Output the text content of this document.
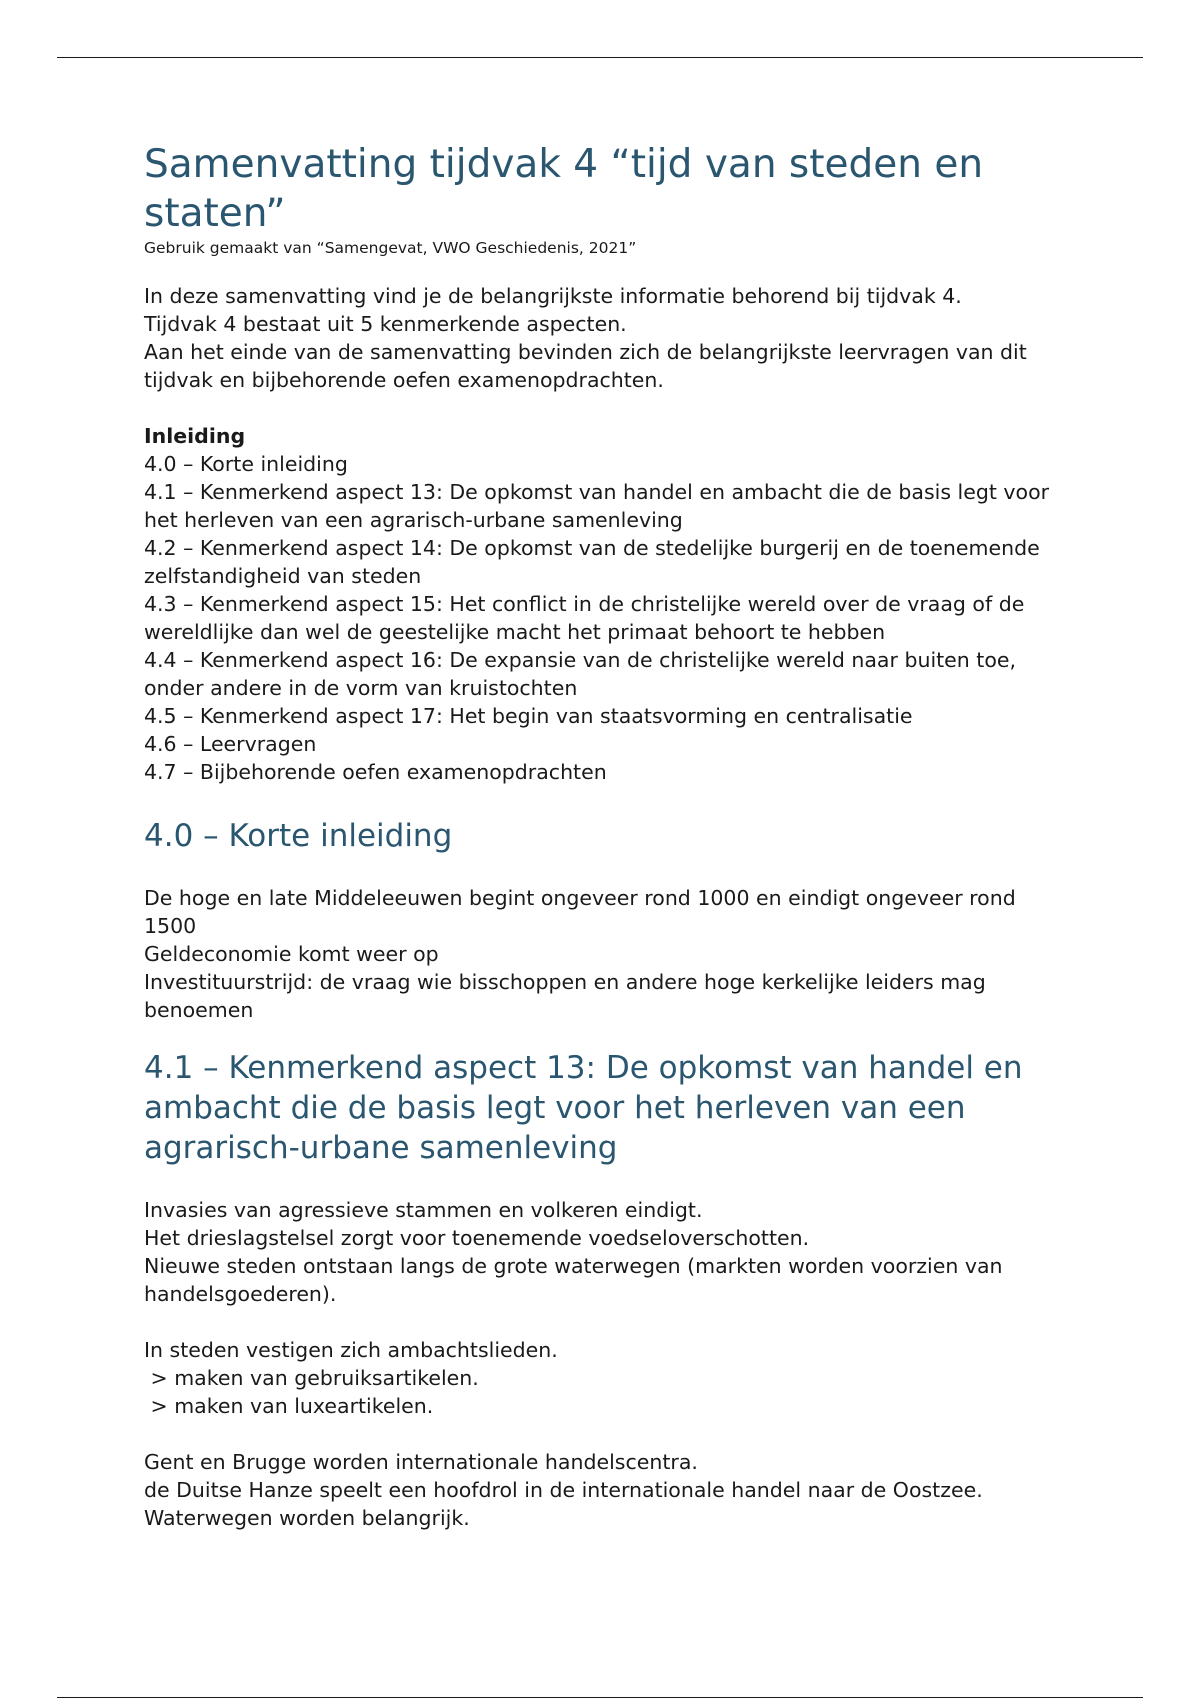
Samenvatting tijdvak 4 “tijd van steden en staten”
Gebruik gemaakt van “Samengevat, VWO Geschiedenis, 2021”
In deze samenvatting vind je de belangrijkste informatie behorend bij tijdvak 4.
Tijdvak 4 bestaat uit 5 kenmerkende aspecten.
Aan het einde van de samenvatting bevinden zich de belangrijkste leervragen van dit tijdvak en bijbehorende oefen examenopdrachten.
Inleiding
4.0 – Korte inleiding
4.1 – Kenmerkend aspect 13: De opkomst van handel en ambacht die de basis legt voor het herleven van een agrarisch-urbane samenleving
4.2 – Kenmerkend aspect 14: De opkomst van de stedelijke burgerij en de toenemende zelfstandigheid van steden
4.3 – Kenmerkend aspect 15: Het conflict in de christelijke wereld over de vraag of de wereldlijke dan wel de geestelijke macht het primaat behoort te hebben
4.4 – Kenmerkend aspect 16: De expansie van de christelijke wereld naar buiten toe, onder andere in de vorm van kruistochten
4.5 – Kenmerkend aspect 17: Het begin van staatsvorming en centralisatie
4.6 – Leervragen
4.7 – Bijbehorende oefen examenopdrachten
4.0 – Korte inleiding
De hoge en late Middeleeuwen begint ongeveer rond 1000 en eindigt ongeveer rond 1500
Geldeconomie komt weer op
Investituurstrijd: de vraag wie bisschoppen en andere hoge kerkelijke leiders mag benoemen
4.1 – Kenmerkend aspect 13: De opkomst van handel en ambacht die de basis legt voor het herleven van een agrarisch-urbane samenleving
Invasies van agressieve stammen en volkeren eindigt.
Het drieslagstelsel zorgt voor toenemende voedseloverschotten.
Nieuwe steden ontstaan langs de grote waterwegen (markten worden voorzien van handelsgoederen).
In steden vestigen zich ambachtslieden.
> maken van gebruiksartikelen.
> maken van luxeartikelen.
Gent en Brugge worden internationale handelscentra.
de Duitse Hanze speelt een hoofdrol in de internationale handel naar de Oostzee.
Waterwegen worden belangrijk.
